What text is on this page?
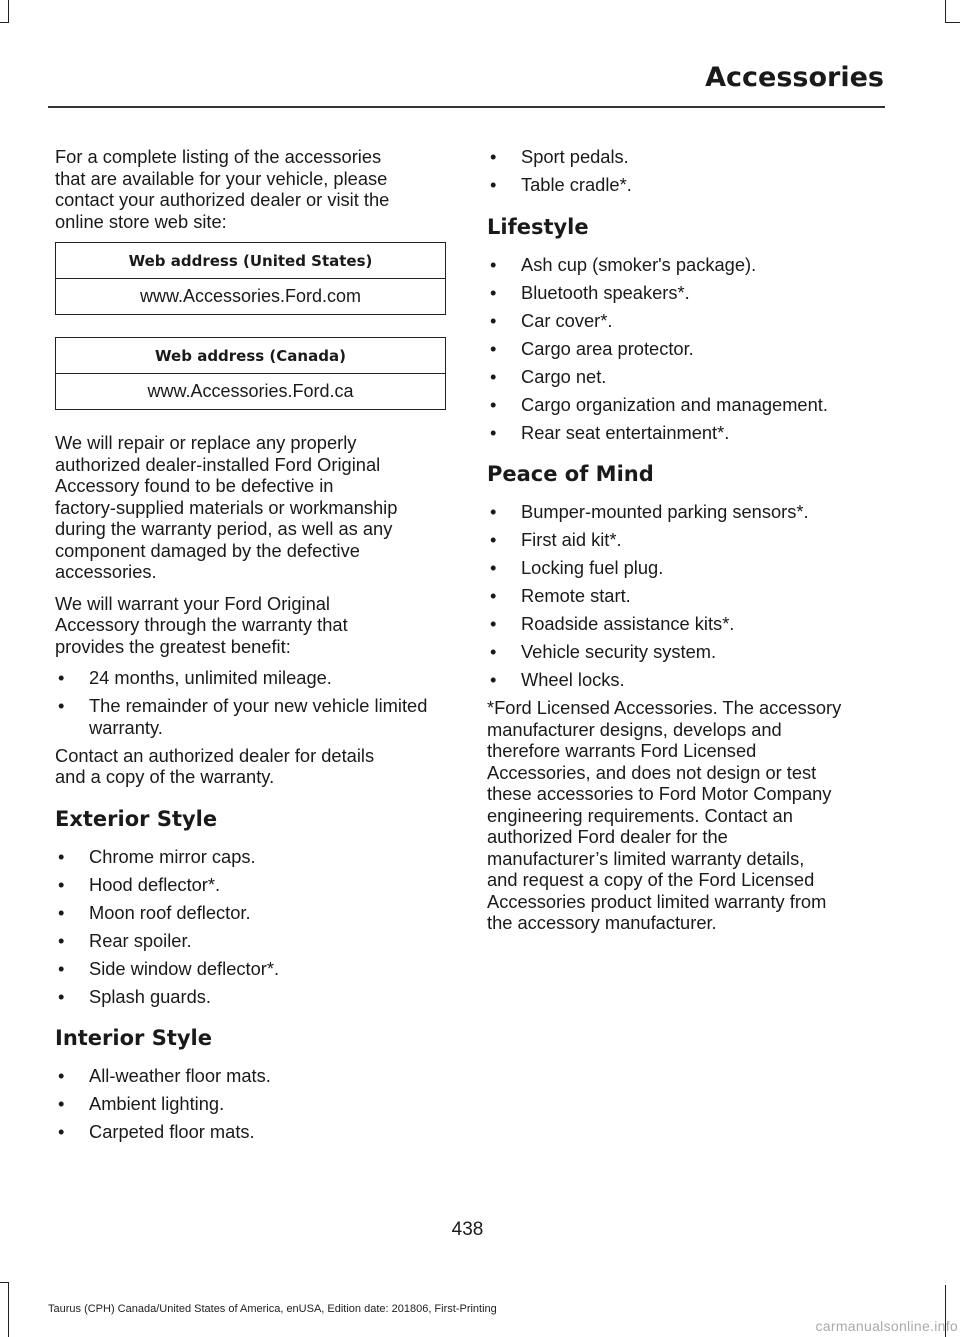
Accessories

For a complete listing of the accessories
that are available for your vehicle, please
contact your authorized dealer or visit the
online store web site:

Web address (United States)
www.Accessories.Ford.com
Web address (Canada)
www.Accessories.Ford.ca

We will repair or replace any properly
authorized dealer-installed Ford Original
Accessory found to be defective in
factory-supplied materials or workmanship
during the warranty period, as well as any
component damaged by the defective
accessories.

We will warrant your Ford Original
Accessory through the warranty that
provides the greatest benefit:

• 24 months, unlimited mileage.
• The remainder of your new vehicle limited warranty.

Contact an authorized dealer for details
and a copy of the warranty.

Exterior Style
• Chrome mirror caps.
• Hood deflector*.
• Moon roof deflector.
• Rear spoiler.
• Side window deflector*.
• Splash guards.
Interior Style
• All-weather floor mats.
• Ambient lighting.
• Carpeted floor mats.
• Sport pedals.
• Table cradle*.
Lifestyle
• Ash cup (smoker's package).
• Bluetooth speakers*.
• Car cover*.
• Cargo area protector.
• Cargo net.
• Cargo organization and management.
• Rear seat entertainment*.
Peace of Mind
• Bumper-mounted parking sensors*.
• First aid kit*.
• Locking fuel plug.
• Remote start.
• Roadside assistance kits*.
• Vehicle security system.
• Wheel locks.

*Ford Licensed Accessories. The accessory
manufacturer designs, develops and
therefore warrants Ford Licensed
Accessories, and does not design or test
these accessories to Ford Motor Company
engineering requirements. Contact an
authorized Ford dealer for the
manufacturer’s limited warranty details,
and request a copy of the Ford Licensed
Accessories product limited warranty from
the accessory manufacturer.

438
Taurus (CPH) Canada/United States of America, enUSA, Edition date: 201806, First-Printing
carmanualsonline.info
